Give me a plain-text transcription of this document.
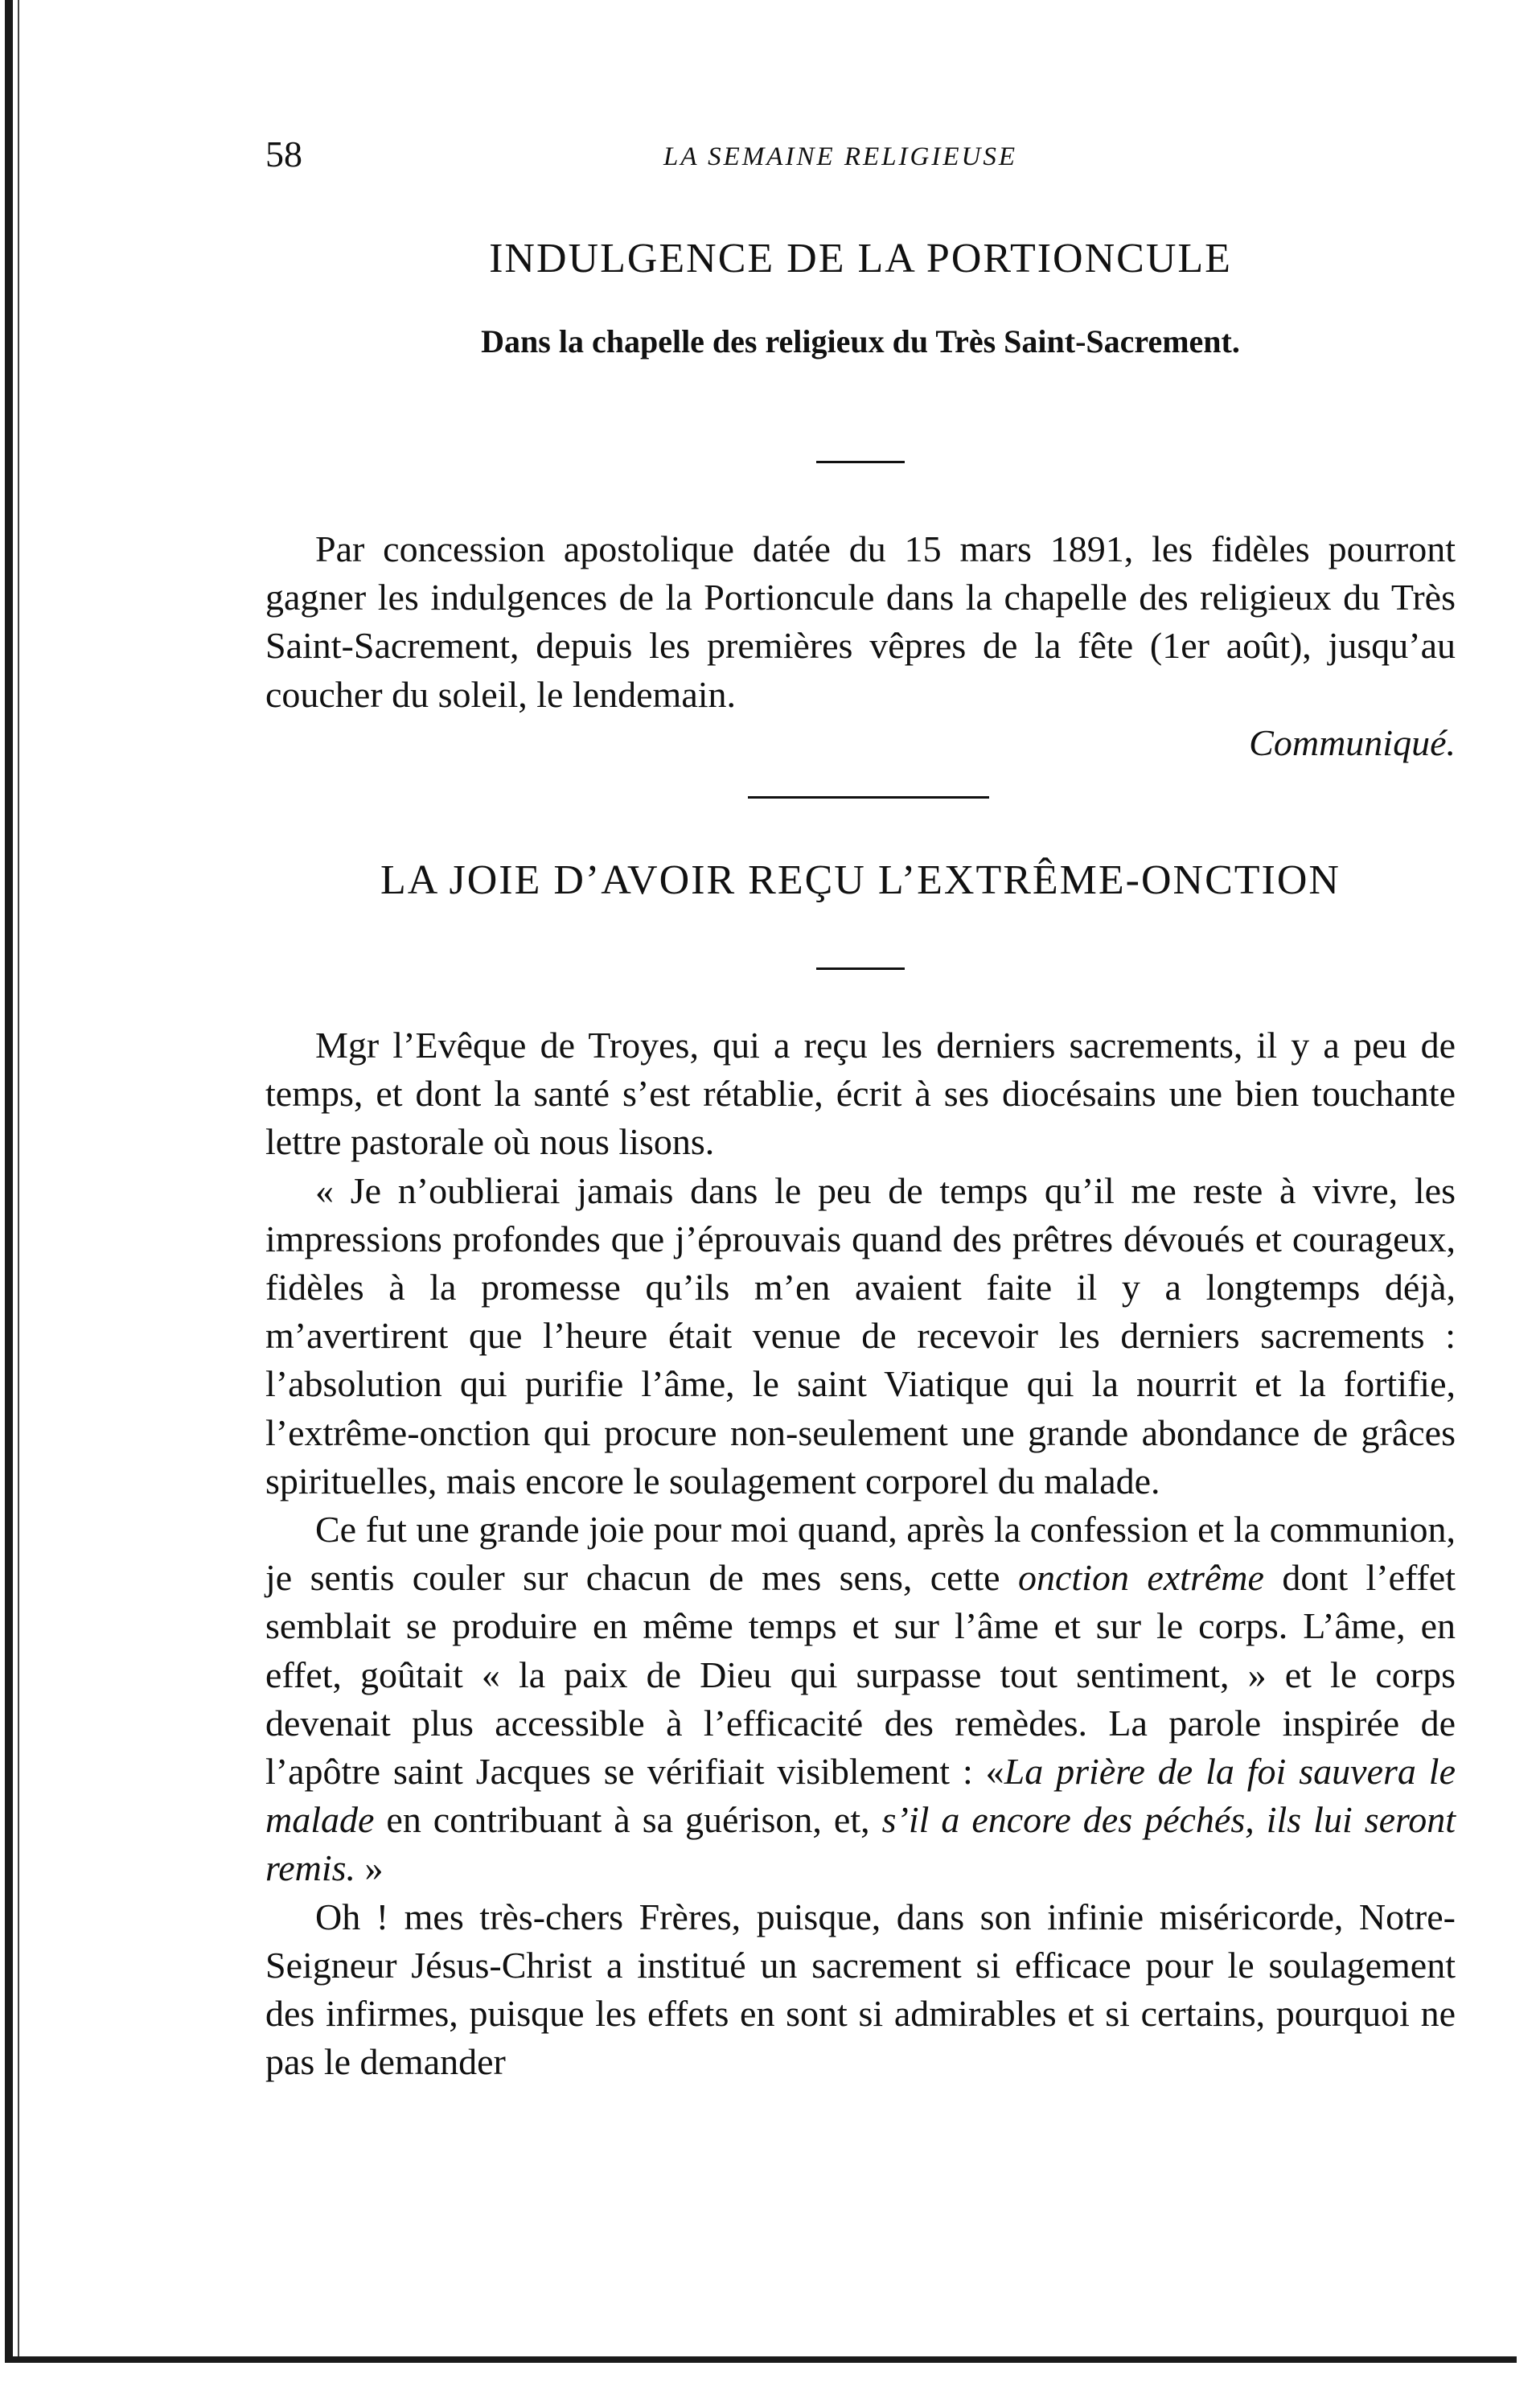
58	LA SEMAINE RELIGIEUSE
INDULGENCE DE LA PORTIONCULE
Dans la chapelle des religieux du Très Saint-Sacrement.

Par concession apostolique datée du 15 mars 1891, les fidèles pourront gagner les indulgences de la Portioncule dans la chapelle des religieux du Très Saint-Sacrement, depuis les premières vêpres de la fête (1er août), jusqu’au coucher du soleil, le lendemain.

Communiqué.
LA JOIE D’AVOIR REÇU L’EXTRÊME-ONCTION

Mgr l’Evêque de Troyes, qui a reçu les derniers sacrements, il y a peu de temps, et dont la santé s’est rétablie, écrit à ses diocésains une bien touchante lettre pastorale où nous lisons.

« Je n’oublierai jamais dans le peu de temps qu’il me reste à vivre, les impressions profondes que j’éprouvais quand des prêtres dévoués et courageux, fidèles à la promesse qu’ils m’en avaient faite il y a longtemps déjà, m’avertirent que l’heure était venue de recevoir les derniers sacrements : l’absolution qui purifie l’âme, le saint Viatique qui la nourrit et la fortifie, l’extrême-onction qui procure non-seulement une grande abondance de grâces spirituelles, mais encore le soulagement corporel du malade.

Ce fut une grande joie pour moi quand, après la confession et la communion, je sentis couler sur chacun de mes sens, cette onction extrême dont l’effet semblait se produire en même temps et sur l’âme et sur le corps. L’âme, en effet, goûtait « la paix de Dieu qui surpasse tout sentiment, » et le corps devenait plus accessible à l’efficacité des remèdes. La parole inspirée de l’apôtre saint Jacques se vérifiait visiblement : «La prière de la foi sauvera le malade en contribuant à sa guérison, et, s’il a encore des péchés, ils lui seront remis. »

Oh ! mes très-chers Frères, puisque, dans son infinie miséricorde, Notre-Seigneur Jésus-Christ a institué un sacrement si efficace pour le soulagement des infirmes, puisque les effets en sont si admirables et si certains, pourquoi ne pas le demander
